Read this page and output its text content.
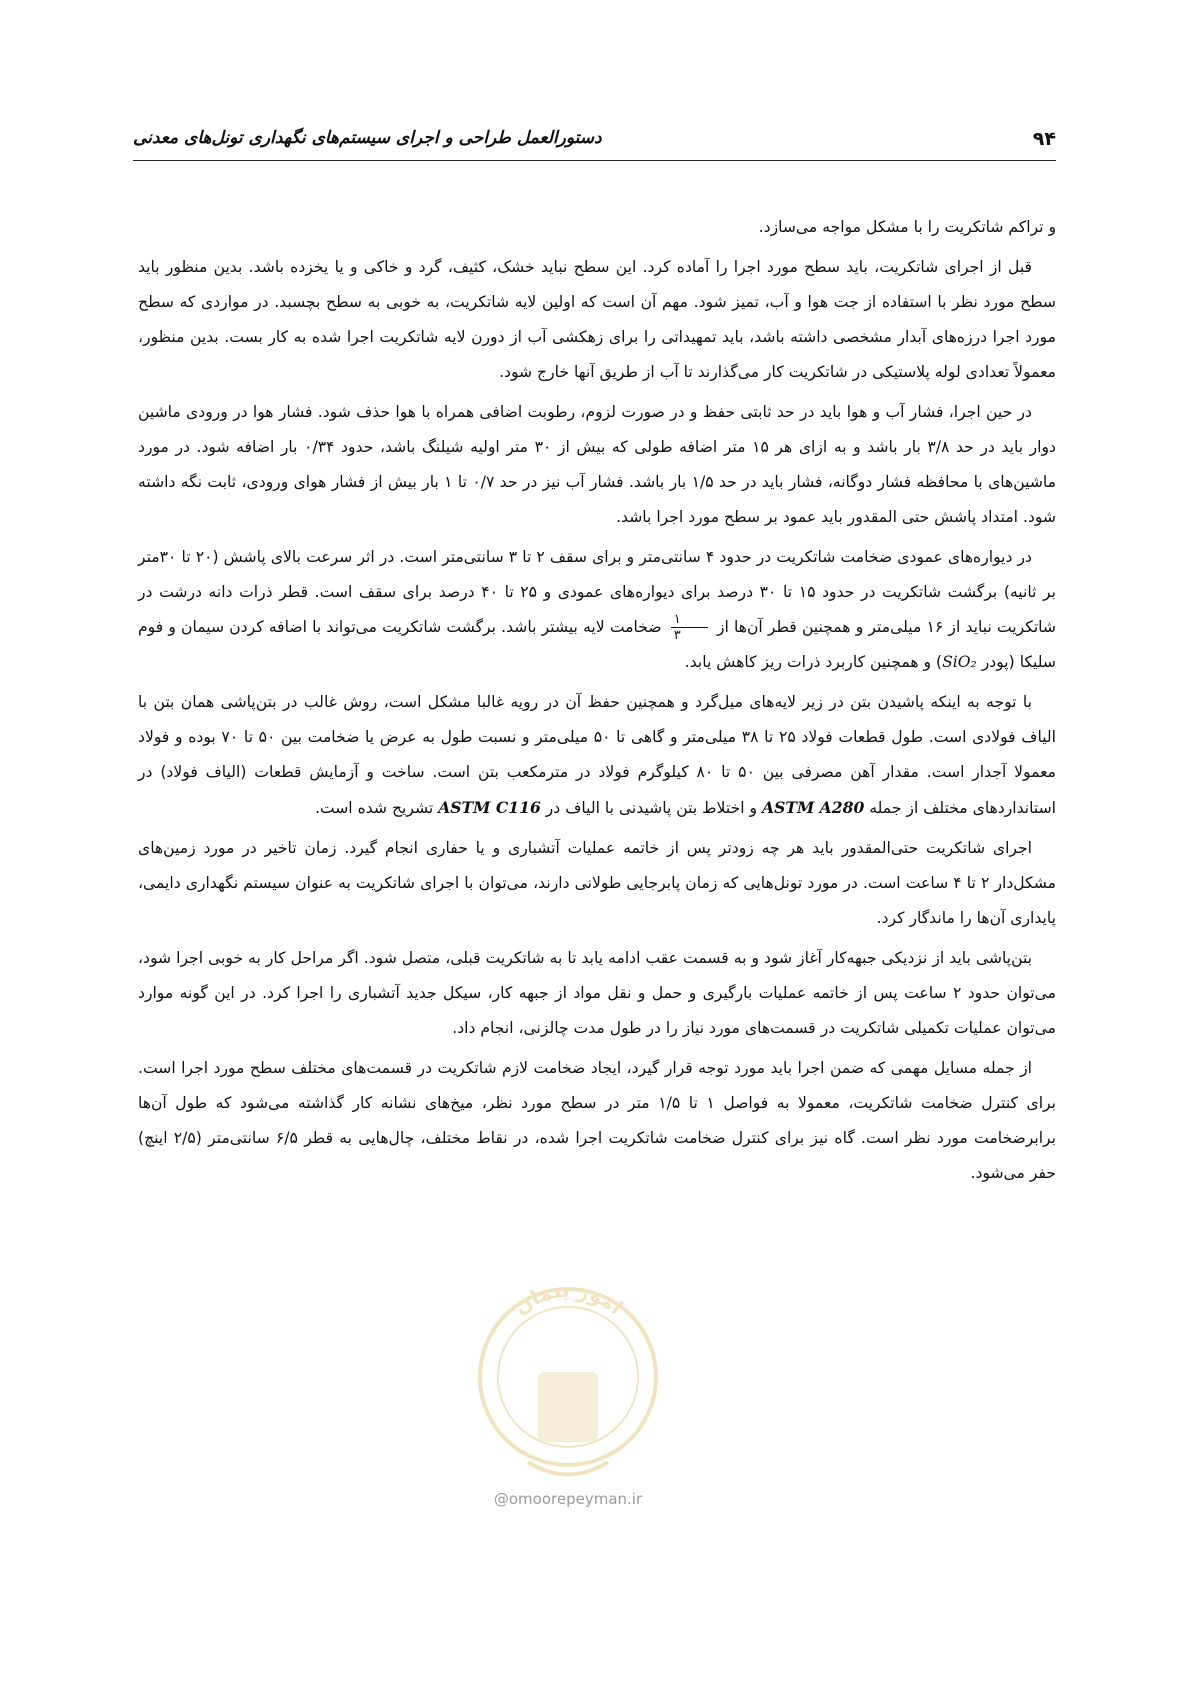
۹۴
دستورالعمل طراحی و اجرای سیستم‌های نگهداری تونل‌های معدنی

و تراکم شاتکریت را با مشکل مواجه می‌سازد.

قبل از اجرای شاتکریت، باید سطح مورد اجرا را آماده کرد. این سطح نباید خشک، کثیف، گرد و خاکی و یا یخزده باشد. بدین منظور باید سطح مورد نظر با استفاده از جت هوا و آب، تمیز شود. مهم آن است که اولین لایه شاتکریت، به خوبی به سطح بچسبد. در مواردی که سطح مورد اجرا درزه‌های آبدار مشخصی داشته باشد، باید تمهیداتی را برای زهکشی آب از دورن لایه شاتکریت اجرا شده به کار بست. بدین منظور، معمولاً تعدادی لوله پلاستیکی در شاتکریت کار می‌گذارند تا آب از طریق آنها خارج شود.

در حین اجرا، فشار آب و هوا باید در حد ثابتی حفظ و در صورت لزوم، رطوبت اضافی همراه با هوا حذف شود. فشار هوا در ورودی ماشین دوار باید در حد ۳/۸ بار باشد و به ازای هر ۱۵ متر اضافه طولی که بیش از ۳۰ متر اولیه شیلنگ باشد، حدود ۰/۳۴ بار اضافه شود. در مورد ماشین‌های با محافظه فشار دوگانه، فشار باید در حد ۱/۵ بار باشد. فشار آب نیز در حد ۰/۷ تا ۱ بار بیش از فشار هوای ورودی، ثابت نگه داشته شود. امتداد پاشش حتی المقدور باید عمود بر سطح مورد اجرا باشد.

در دیواره‌های عمودی ضخامت شاتکریت در حدود ۴ سانتی‌متر و برای سقف ۲ تا ۳ سانتی‌متر است. در اثر سرعت بالای پاشش (۲۰ تا ۳۰متر بر ثانیه) برگشت شاتکریت در حدود ۱۵ تا ۳۰ درصد برای دیواره‌های عمودی و ۲۵ تا ۴۰ درصد برای سقف است. قطر ذرات دانه درشت در شاتکریت نباید از ۱۶ میلی‌متر و همچنین قطر آن‌ها از
$\frac{۱}{۳}$
ضخامت لایه بیشتر باشد. برگشت شاتکریت می‌تواند با اضافه کردن سیمان و فوم سلیکا (پودر SiO₂) و همچنین کاربرد ذرات ریز کاهش یابد.

با توجه به اینکه پاشیدن بتن در زیر لایه‌های میل‌گرد و همچنین حفظ آن در رویه غالبا مشکل است، روش غالب در بتن‌پاشی همان بتن با الیاف فولادی است. طول قطعات فولاد ۲۵ تا ۳۸ میلی‌متر و گاهی تا ۵۰ میلی‌متر و نسبت طول به عرض یا ضخامت بین ۵۰ تا ۷۰ بوده و فولاد معمولا آجدار است. مقدار آهن مصرفی بین ۵۰ تا ۸۰ کیلوگرم فولاد در مترمکعب بتن است. ساخت و آزمایش قطعات (الیاف فولاد) در استانداردهای مختلف از جمله ASTM A280 و اختلاط بتن پاشیدنی با الیاف در ASTM C116 تشریح شده است.

اجرای شاتکریت حتی‌المقدور باید هر چه زودتر پس از خاتمه عملیات آتشباری و یا حفاری انجام گیرد. زمان تاخیر در مورد زمین‌های مشکل‌دار ۲ تا ۴ ساعت است. در مورد تونل‌هایی که زمان پابرجایی طولانی دارند، می‌توان با اجرای شاتکریت به عنوان سیستم نگهداری دایمی، پایداری آن‌ها را ماندگار کرد.

بتن‌پاشی باید از نزدیکی جبهه‌کار آغاز شود و به قسمت عقب ادامه یابد تا به شاتکریت قبلی، متصل شود. اگر مراحل کار به خوبی اجرا شود، می‌توان حدود ۲ ساعت پس از خاتمه عملیات بارگیری و حمل و نقل مواد از جبهه کار، سیکل جدید آتشباری را اجرا کرد. در این گونه موارد می‌توان عملیات تکمیلی شاتکریت در قسمت‌های مورد نیاز را در طول مدت چالزنی، انجام داد.

از جمله مسایل مهمی که ضمن اجرا باید مورد توجه قرار گیرد، ایجاد ضخامت لازم شاتکریت در قسمت‌های مختلف سطح مورد اجرا است. برای کنترل ضخامت شاتکریت، معمولا به فواصل ۱ تا ۱/۵ متر در سطح مورد نظر، میخ‌های نشانه کار گذاشته می‌شود که طول آن‌ها برابرضخامت مورد نظر است. گاه نیز برای کنترل ضخامت شاتکریت اجرا شده، در نقاط مختلف، چال‌هایی به قطر ۶/۵ سانتی‌متر (۲/۵ اینچ) حفر می‌شود.

امور پیمان
@omoorepeyman.ir
